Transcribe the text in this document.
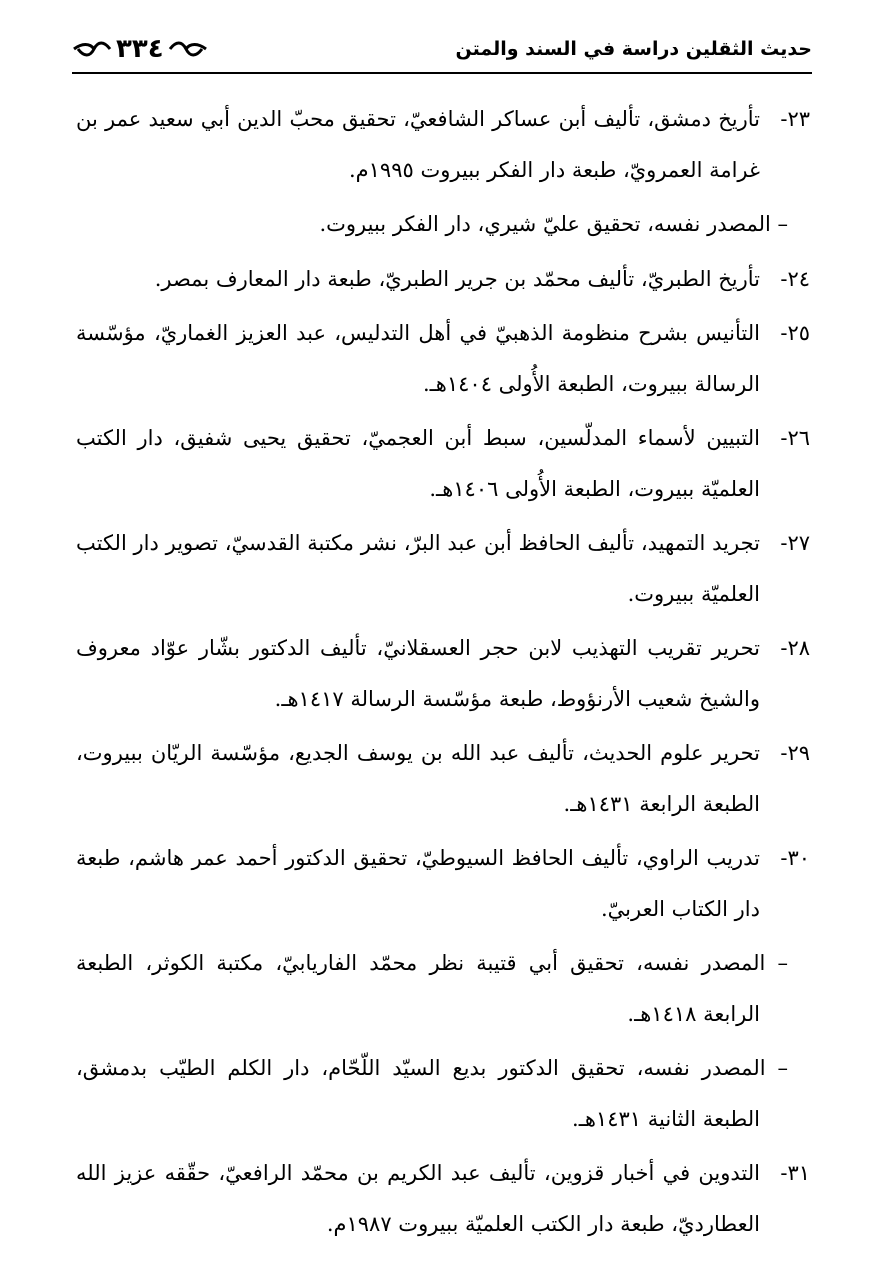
حديث الثقلين دراسة في السند والمتن
٣٣٤

٢٣-تأريخ دمشق، تأليف أبن عساكر الشافعيّ، تحقيق محبّ الدين أبي سعيد عمر بن غرامة العمرويّ، طبعة دار الفكر ببيروت ١٩٩٥م.

– المصدر نفسه، تحقيق عليّ شيري، دار الفكر ببيروت.

٢٤-تأريخ الطبريّ، تأليف محمّد بن جرير الطبريّ، طبعة دار المعارف بمصر.

٢٥-التأنيس بشرح منظومة الذهبيّ في أهل التدليس، عبد العزيز الغماريّ، مؤسّسة الرسالة ببيروت، الطبعة الأُولى ١٤٠٤هـ.

٢٦-التبيين لأسماء المدلّسين، سبط أبن العجميّ، تحقيق يحيى شفيق، دار الكتب العلميّة ببيروت، الطبعة الأُولى ١٤٠٦هـ.

٢٧-تجريد التمهيد، تأليف الحافظ أبن عبد البرّ، نشر مكتبة القدسيّ، تصوير دار الكتب العلميّة ببيروت.

٢٨-تحرير تقريب التهذيب لابن حجر العسقلانيّ، تأليف الدكتور بشّار عوّاد معروف والشيخ شعيب الأرنؤوط، طبعة مؤسّسة الرسالة ١٤١٧هـ.

٢٩-تحرير علوم الحديث، تأليف عبد الله بن يوسف الجديع، مؤسّسة الريّان ببيروت، الطبعة الرابعة ١٤٣١هـ.

٣٠-تدريب الراوي، تأليف الحافظ السيوطيّ، تحقيق الدكتور أحمد عمر هاشم، طبعة دار الكتاب العربيّ.

– المصدر نفسه، تحقيق أبي قتيبة نظر محمّد الفاريابيّ، مكتبة الكوثر، الطبعة الرابعة ١٤١٨هـ.

– المصدر نفسه، تحقيق الدكتور بديع السيّد اللّحّام، دار الكلم الطيّب بدمشق، الطبعة الثانية ١٤٣١هـ.

٣١-التدوين في أخبار قزوين، تأليف عبد الكريم بن محمّد الرافعيّ، حقّقه عزيز الله العطارديّ، طبعة دار الكتب العلميّة ببيروت ١٩٨٧م.
